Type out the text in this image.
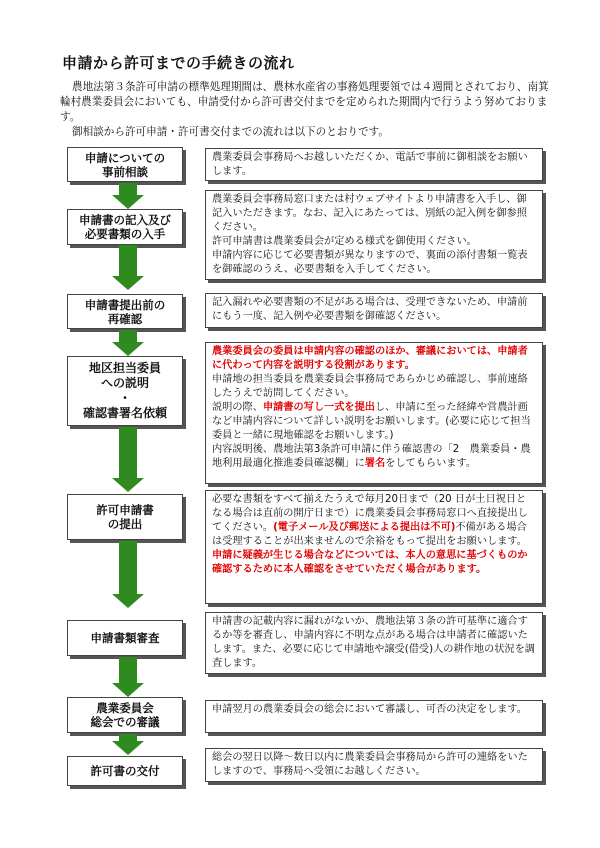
申請から許可までの手続きの流れ

農地法第３条許可申請の標準処理期間は、農林水産省の事務処理要領では４週間とされており、南箕輪村農業委員会においても、申請受付から許可書交付までを定められた期間内で行うよう努めております。

御相談から許可申請・許可書交付までの流れは以下のとおりです。

申請についての
事前相談

農業委員会事務局へお越しいただくか、電話で事前に御相談をお願いします。

申請書の記入及び
必要書類の入手

農業委員会事務局窓口または村ウェブサイトより申請書を入手し、御記入いただきます。なお、記入にあたっては、別紙の記入例を御参照ください。

許可申請書は農業委員会が定める様式を御使用ください。

申請内容に応じて必要書類が異なりますので、裏面の添付書類一覧表を御確認のうえ、必要書類を入手してください。

申請書提出前の
再確認

記入漏れや必要書類の不足がある場合は、受理できないため、申請前にもう一度、記入例や必要書類を御確認ください。

地区担当委員
への説明
・
確認書署名依頼

農業委員会の委員は申請内容の確認のほか、審議においては、申請者に代わって内容を説明する役割があります。

申請地の担当委員を農業委員会事務局であらかじめ確認し、事前連絡したうえで訪問してください。

説明の際、申請書の写し一式を提出し、申請に至った経緯や営農計画など申請内容について詳しい説明をお願いします。(必要に応じて担当委員と一緒に現地確認をお願いします。)

内容説明後、農地法第3条許可申請に伴う確認書の「2　農業委員・農地利用最適化推進委員確認欄」に署名をしてもらいます。

許可申請書
の提出

必要な書類をすべて揃えたうえで毎月20日まで（20 日が土日祝日となる場合は直前の開庁日まで）に農業委員会事務局窓口へ直接提出してください。(電子メール及び郵送による提出は不可)不備がある場合は受理することが出来ませんので余裕をもって提出をお願いします。

申請に疑義が生じる場合などについては、本人の意思に基づくものか確認するために本人確認をさせていただく場合があります。

申請書類審査

申請書の記載内容に漏れがないか、農地法第３条の許可基準に適合するか等を審査し、申請内容に不明な点がある場合は申請者に確認いたします。また、必要に応じて申請地や譲受(借受)人の耕作地の状況を調査します。

農業委員会
総会での審議

申請翌月の農業委員会の総会において審議し、可否の決定をします。

許可書の交付

総会の翌日以降～数日以内に農業委員会事務局から許可の連絡をいたしますので、事務局へ受領にお越しください。
